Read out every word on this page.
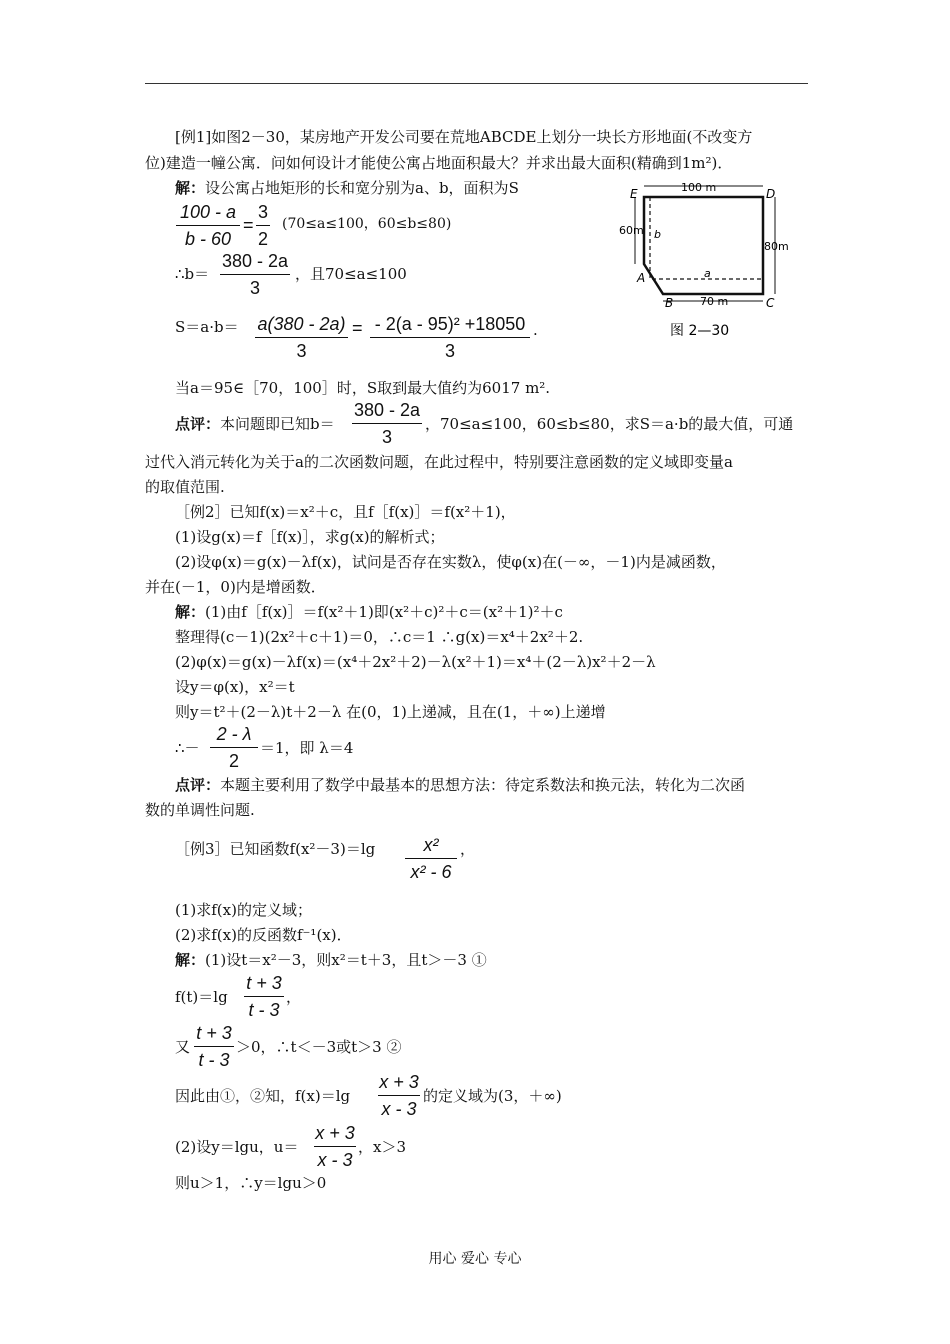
[例1]如图2－30，某房地产开发公司要在荒地ABCDE上划分一块长方形地面(不改变方
位)建造一幢公寓．问如何设计才能使公寓占地面积最大？并求出最大面积(精确到1m²)．
解：设公寓占地矩形的长和宽分别为a、b，面积为S
100 - a
b - 60
=
3
2
(70≤a≤100，60≤b≤80)
∴b＝
380 - 2a
3
，且70≤a≤100
S＝a·b＝ a(380 - 2a)
3
= - 2(a - 95)² +18050
3
.
当a＝95∈［70，100］时，S取到最大值约为6017 m².
点评：本问题即已知b＝
380 - 2a
3
，70≤a≤100，60≤b≤80，求S＝a·b的最大值，可通
过代入消元转化为关于a的二次函数问题，在此过程中，特别要注意函数的定义域即变量a
的取值范围.
100 m
60m
80m
70 m
b
a
E	D
A
B	C
图 2—30
［例2］已知f(x)＝x²＋c，且f［f(x)］＝f(x²＋1)，
(1)设g(x)＝f［f(x)］，求g(x)的解析式；
(2)设φ(x)＝g(x)－λf(x)，试问是否存在实数λ，使φ(x)在(－∞，－1)内是减函数，
并在(－1，0)内是增函数．
解：(1)由f［f(x)］＝f(x²＋1)即(x²＋c)²＋c＝(x²＋1)²＋c
整理得(c－1)(2x²＋c＋1)＝0，∴c＝1 ∴g(x)＝x⁴＋2x²＋2.
(2)φ(x)＝g(x)－λf(x)＝(x⁴＋2x²＋2)－λ(x²＋1)＝x⁴＋(2－λ)x²＋2－λ
设y＝φ(x)，x²＝t
则y＝t²＋(2－λ)t＋2－λ 在(0，1)上递减，且在(1，＋∞)上递增
∴－
2 - λ
2
＝1，即 λ＝4
点评：本题主要利用了数学中最基本的思想方法：待定系数法和换元法，转化为二次函
数的单调性问题.
［例3］已知函数f(x²－3)＝lg	x²
x² - 6
，
(1)求f(x)的定义域；
(2)求f(x)的反函数f⁻¹(x)．
解：(1)设t＝x²－3，则x²＝t＋3，且t＞－3 ①
f(t)＝lg
t + 3
t - 3
，
又
t + 3
t - 3
＞0，∴t＜－3或t＞3 ②
因此由①，②知，f(x)＝lg
x + 3
x - 3
的定义域为(3，＋∞)
(2)设y＝lgu，u＝
x + 3
x - 3
，x＞3
则u＞1，∴y＝lgu＞0
用心 爱心 专心
